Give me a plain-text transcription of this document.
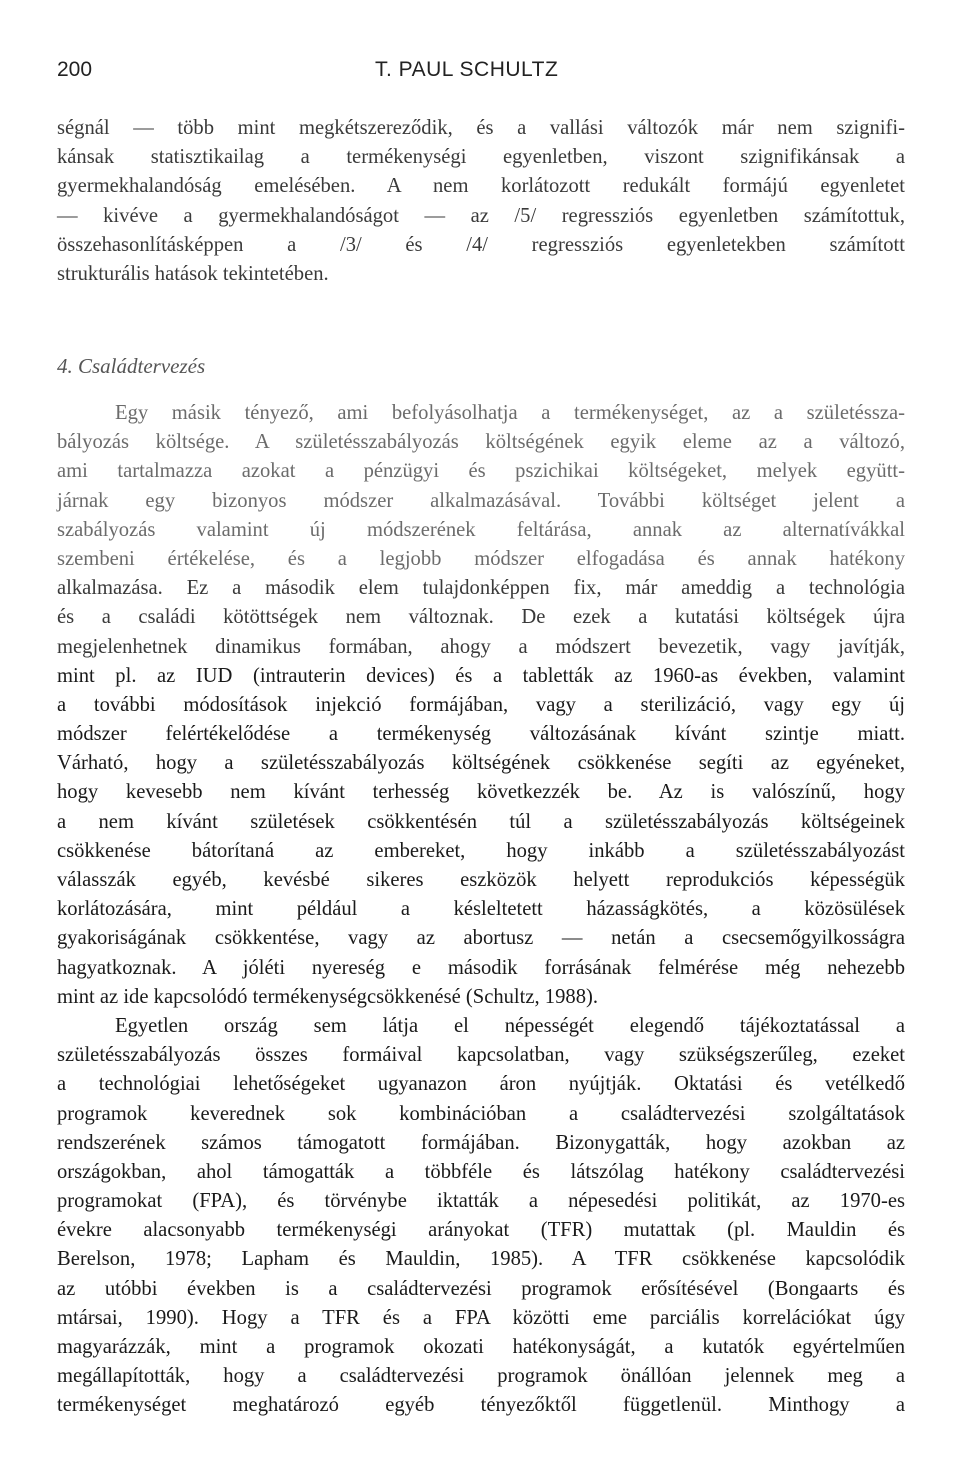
200	T. PAUL SCHULTZ
ségnál — több mint megkétszereződik, és a vallási változók már nem szignifi-
kánsak statisztikailag a termékenységi egyenletben, viszont szignifikánsak a
gyermekhalandóság emelésében. A nem korlátozott redukált formájú egyenletet
— kivéve a gyermekhalandóságot — az /5/ regressziós egyenletben számítottuk,
összehasonlításképpen a /3/ és /4/ regressziós egyenletekben számított
strukturális hatások tekintetében.
4. Családtervezés
Egy másik tényező, ami befolyásolhatja a termékenységet, az a születéssza-
bályozás költsége. A születésszabályozás költségének egyik eleme az a változó,
ami tartalmazza azokat a pénzügyi és pszichikai költségeket, melyek együtt-
járnak egy bizonyos módszer alkalmazásával. További költséget jelent a
szabályozás valamint új módszerének feltárása, annak az alternatívákkal
szembeni értékelése, és a legjobb módszer elfogadása és annak hatékony
alkalmazása. Ez a második elem tulajdonképpen fix, már ameddig a technológia
és a családi kötöttségek nem változnak. De ezek a kutatási költségek újra
megjelenhetnek dinamikus formában, ahogy a módszert bevezetik, vagy javítják,
mint pl. az IUD (intrauterin devices) és a tabletták az 1960-as években, valamint
a további módosítások injekció formájában, vagy a sterilizáció, vagy egy új
módszer felértékelődése a termékenység változásának kívánt szintje miatt.
Várható, hogy a születésszabályozás költségének csökkenése segíti az egyéneket,
hogy kevesebb nem kívánt terhesség következzék be. Az is valószínű, hogy
a nem kívánt születések csökkentésén túl a születésszabályozás költségeinek
csökkenése bátorítaná az embereket, hogy inkább a születésszabályozást
válasszák egyéb, kevésbé sikeres eszközök helyett reprodukciós képességük
korlátozására, mint például a késleltetett házasságkötés, a közösülések
gyakoriságának csökkentése, vagy az abortusz — netán a csecsemőgyilkosságra
hagyatkoznak. A jóléti nyereség e második forrásának felmérése még nehezebb
mint az ide kapcsolódó termékenységcsökkenésé (Schultz, 1988).
Egyetlen ország sem látja el népességét elegendő tájékoztatással a
születésszabályozás összes formáival kapcsolatban, vagy szükségszerűleg, ezeket
a technológiai lehetőségeket ugyanazon áron nyújtják. Oktatási és vetélkedő
programok keverednek sok kombinációban a családtervezési szolgáltatások
rendszerének számos támogatott formájában. Bizonygatták, hogy azokban az
országokban, ahol támogatták a többféle és látszólag hatékony családtervezési
programokat (FPA), és törvénybe iktatták a népesedési politikát, az 1970-es
évekre alacsonyabb termékenységi arányokat (TFR) mutattak (pl. Mauldin és
Berelson, 1978; Lapham és Mauldin, 1985). A TFR csökkenése kapcsolódik
az utóbbi években is a családtervezési programok erősítésével (Bongaarts és
mtársai, 1990). Hogy a TFR és a FPA közötti eme parciális korrelációkat úgy
magyarázzák, mint a programok okozati hatékonyságát, a kutatók egyértelműen
megállapították, hogy a családtervezési programok önállóan jelennek meg a
termékenységet meghatározó egyéb tényezőktől függetlenül. Minthogy a
